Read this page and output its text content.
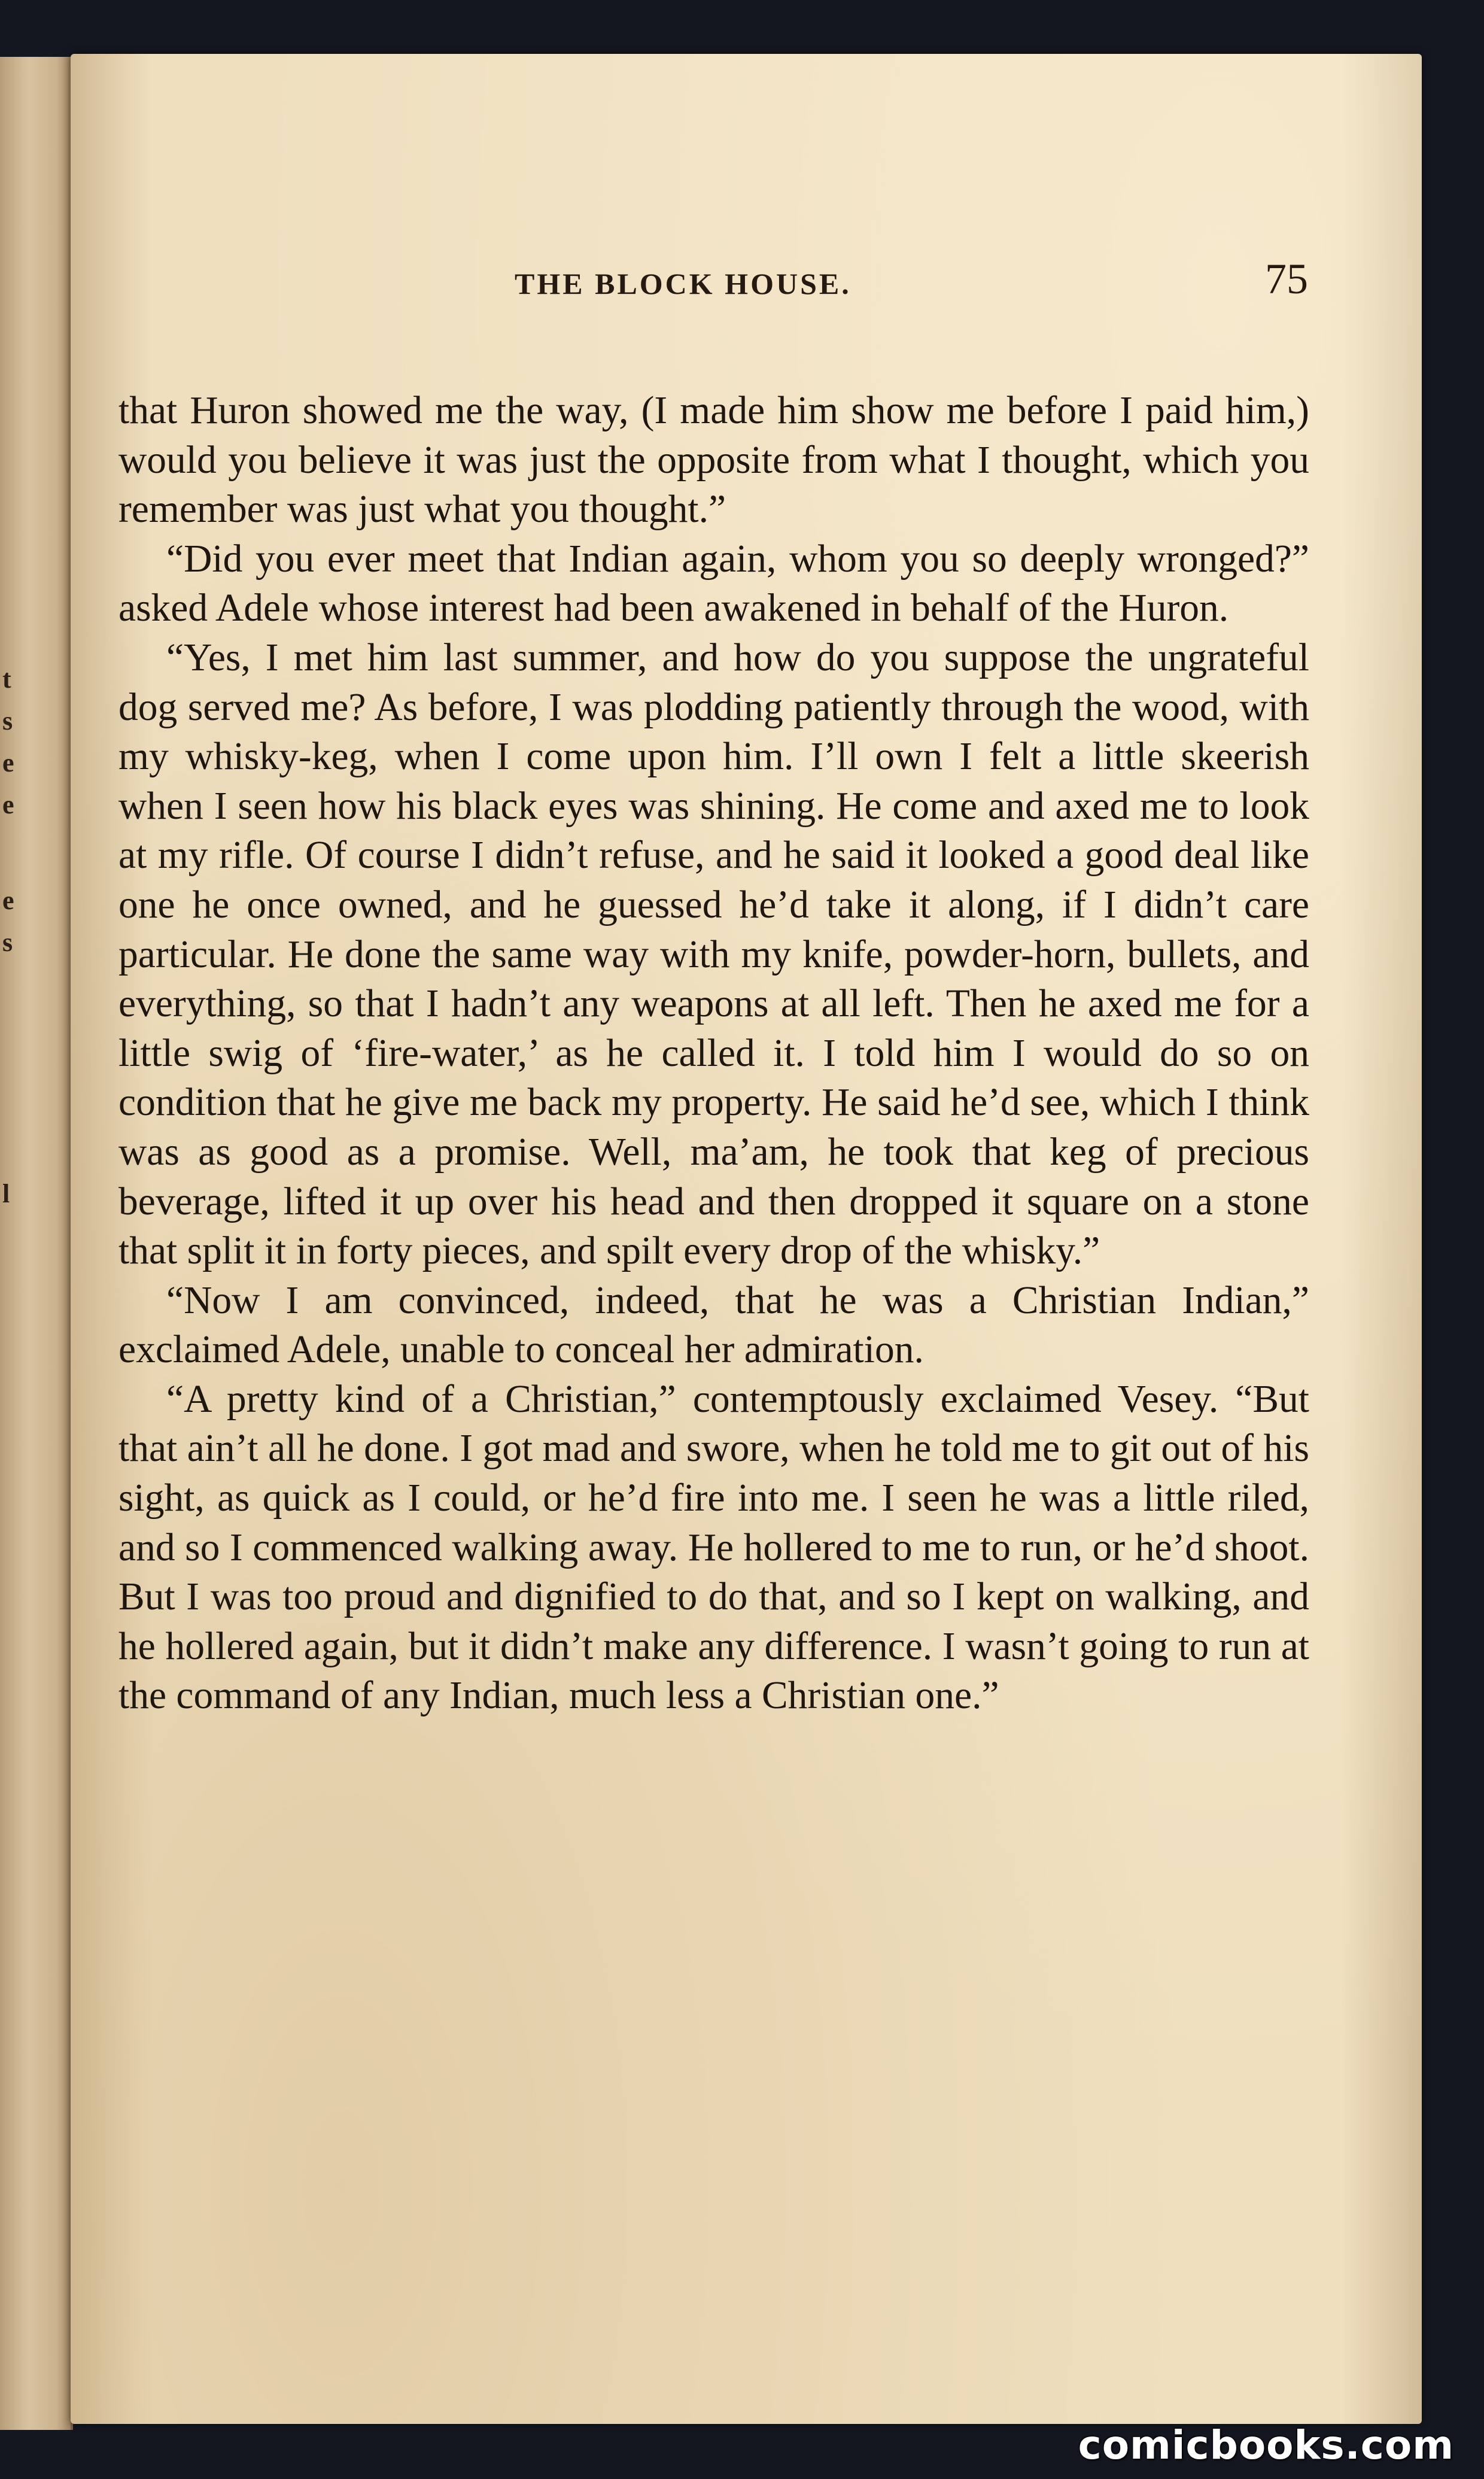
t
s
e
e
e
s
l
THE BLOCK HOUSE.	75

that Huron showed me the way, (I made him show me before I paid him,) would you believe it was just the opposite from what I thought, which you remember was just what you thought.”

“Did you ever meet that Indian again, whom you so deeply wronged?” asked Adele whose interest had been awakened in behalf of the Huron.

“Yes, I met him last summer, and how do you suppose the ungrateful dog served me? As before, I was plodding patiently through the wood, with my whisky-keg, when I come upon him. I’ll own I felt a little skeerish when I seen how his black eyes was shining. He come and axed me to look at my rifle. Of course I didn’t refuse, and he said it looked a good deal like one he once owned, and he guessed he’d take it along, if I didn’t care particular. He done the same way with my knife, powder-horn, bullets, and everything, so that I hadn’t any weapons at all left. Then he axed me for a little swig of ‘fire-water,’ as he called it. I told him I would do so on condition that he give me back my property. He said he’d see, which I think was as good as a promise. Well, ma’am, he took that keg of precious beverage, lifted it up over his head and then dropped it square on a stone that split it in forty pieces, and spilt every drop of the whisky.”

“Now I am convinced, indeed, that he was a Christian Indian,” exclaimed Adele, unable to conceal her admiration.

“A pretty kind of a Christian,” contemptously exclaimed Vesey. “But that ain’t all he done. I got mad and swore, when he told me to git out of his sight, as quick as I could, or he’d fire into me. I seen he was a little riled, and so I commenced walking away. He hollered to me to run, or he’d shoot. But I was too proud and dignified to do that, and so I kept on walking, and he hollered again, but it didn’t make any difference. I wasn’t going to run at the command of any Indian, much less a Christian one.”

comicbooks.com
